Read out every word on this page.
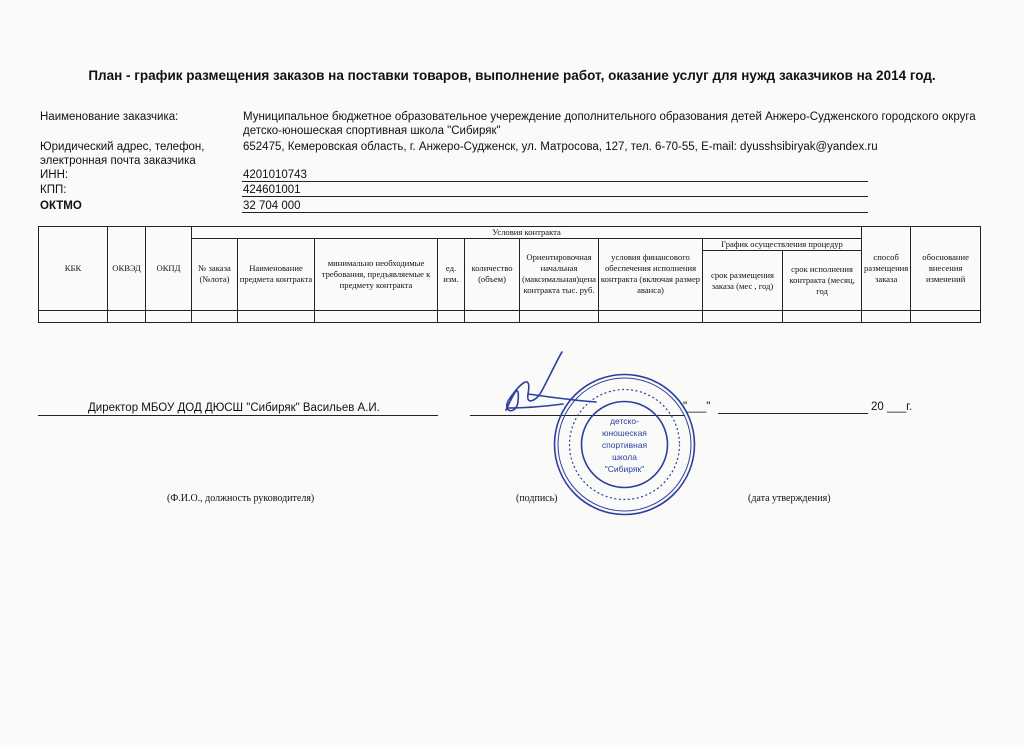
План - график размещения заказов на поставки товаров, выполнение работ, оказание услуг для нужд заказчиков на 2014 год.
Наименование заказчика:	Муниципальное бюджетное образовательное учереждение дополнительного образования детей Анжеро-Судженского городского округа
детско-юношеская спортивная школа "Сибиряк"
Юридический адрес, телефон,
электронная почта заказчика
652475, Кемеровская область, г. Анжеро-Судженск, ул. Матросова, 127, тел. 6-70-55, E-mail: dyusshsibiryak@yandex.ru
ИНН:	4201010743
КПП:	424601001
ОКТМО	32 704 000
КБК	ОКВЭД	ОКПД	Условия контракта									способ размещения заказа	обоснование внесения изменений
			№ заказа (№лота)	Наименование предмета контракта	минимально необходимые требования, предъявляемые к предмету контракта	ед. изм.	количество (объем)	Ориентировочная начальная (максимальная)цена контракта тыс. руб.	условия финансового обеспечения исполнения контракта (включая размер аванса)	График осуществления процедур			
										срок размещения заказа (мес , год)	срок исполнения контракта (месяц, год		

Директор МБОУ ДОД ДЮСШ "Сибиряк" Васильев А.И.	"___"	20 ___г.
(Ф.И.О., должность руководителя)	(подпись)	(дата утверждения)
детско-
юношеская
спортивная
школа
"Сибиряк"
